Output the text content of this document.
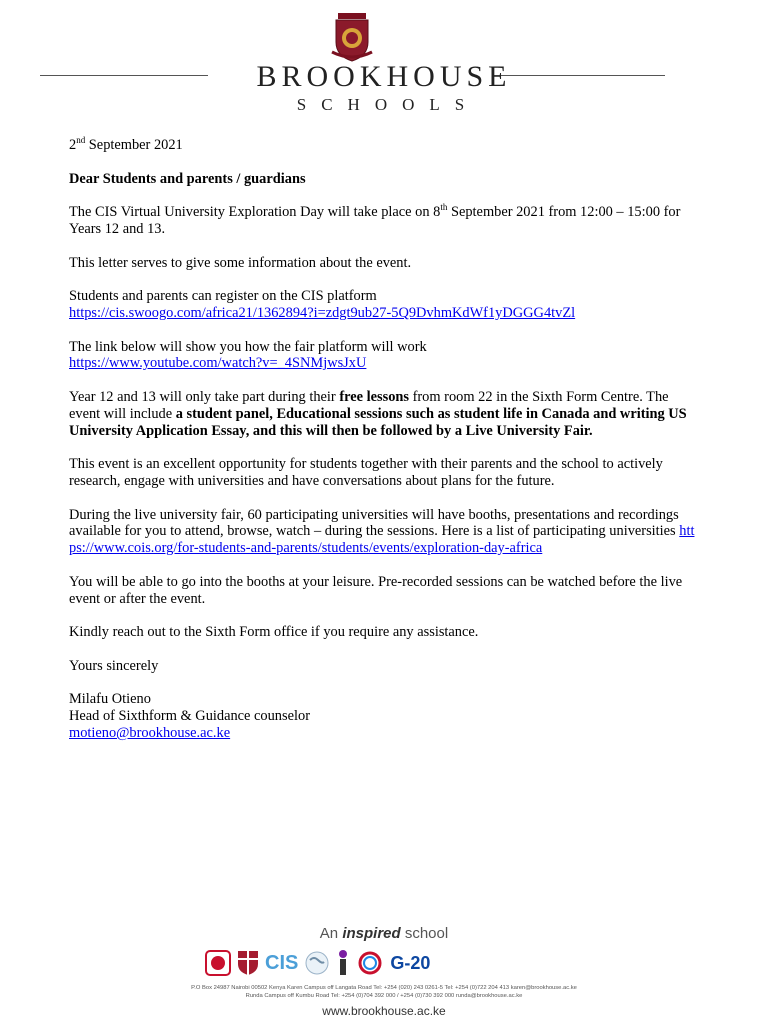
BROOKHOUSE
SCHOOLS

2nd September 2021

Dear Students and parents / guardians

The CIS Virtual University Exploration Day will take place on 8th September 2021 from 12:00 – 15:00 for Years 12 and 13.

This letter serves to give some information about the event.

Students and parents can register on the CIS platform
https://cis.swoogo.com/africa21/1362894?i=zdgt9ub27-5Q9DvhmKdWf1yDGGG4tvZl

The link below will show you how the fair platform will work
https://www.youtube.com/watch?v=_4SNMjwsJxU

Year 12 and 13 will only take part during their free lessons from room 22 in the Sixth Form Centre. The event will include a student panel, Educational sessions such as student life in Canada and writing US University Application Essay, and this will then be followed by a Live University Fair.

This event is an excellent opportunity for students together with their parents and the school to actively research, engage with universities and have conversations about plans for the future.

During the live university fair, 60 participating universities will have booths, presentations and recordings available for you to attend, browse, watch – during the sessions. Here is a list of participating universities https://www.cois.org/for-students-and-parents/students/events/exploration-day-africa

You will be able to go into the booths at your leisure. Pre-recorded sessions can be watched before the live event or after the event.

Kindly reach out to the Sixth Form office if you require any assistance.

Yours sincerely

Milafu Otieno
Head of Sixthform & Guidance counselor
motieno@brookhouse.ac.ke
An inspired school
CIS	G-20
P.O Box 24987 Nairobi 00502 Kenya Karen Campus off Langata Road Tel: +254 (020) 243 0261-5 Tel: +254 (0)722 204 413 karen@brookhouse.ac.ke
Runda Campus off Kumbu Road Tel: +254 (0)704 392 000 / +254 (0)730 392 000 runda@brookhouse.ac.ke
www.brookhouse.ac.ke
